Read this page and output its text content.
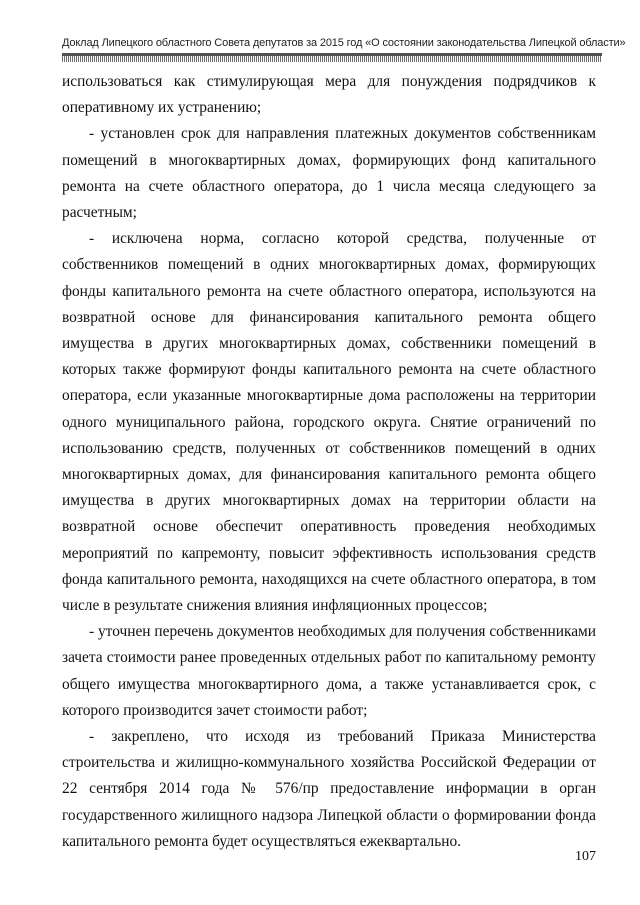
Доклад Липецкого областного Совета депутатов за 2015 год «О состоянии законодательства Липецкой области»

использоваться как стимулирующая мера для понуждения подрядчиков к оперативному их устранению;

- установлен срок для направления платежных документов собственникам помещений в многоквартирных домах, формирующих фонд капитального ремонта на счете областного оператора, до 1 числа месяца следующего за расчетным;

- исключена норма, согласно которой средства, полученные от собственников помещений в одних многоквартирных домах, формирующих фонды капитального ремонта на счете областного оператора, используются на возвратной основе для финансирования капитального ремонта общего имущества в других многоквартирных домах, собственники помещений в которых также формируют фонды капитального ремонта на счете областного оператора, если указанные многоквартирные дома расположены на территории одного муниципального района, городского округа. Снятие ограничений по использованию средств, полученных от собственников помещений в одних многоквартирных домах, для финансирования капитального ремонта общего имущества в других многоквартирных домах на территории области на возвратной основе обеспечит оперативность проведения необходимых мероприятий по капремонту, повысит эффективность использования средств фонда капитального ремонта, находящихся на счете областного оператора, в том числе в результате снижения влияния инфляционных процессов;

- уточнен перечень документов необходимых для получения собственниками зачета стоимости ранее проведенных отдельных работ по капитальному ремонту общего имущества многоквартирного дома, а также устанавливается срок, с которого производится зачет стоимости работ;

- закреплено, что исходя из требований Приказа Министерства строительства и жилищно-коммунального хозяйства Российской Федерации от 22 сентября 2014 года № 576/пр предоставление информации в орган государственного жилищного надзора Липецкой области о формировании фонда капитального ремонта будет осуществляться ежеквартально.

107
